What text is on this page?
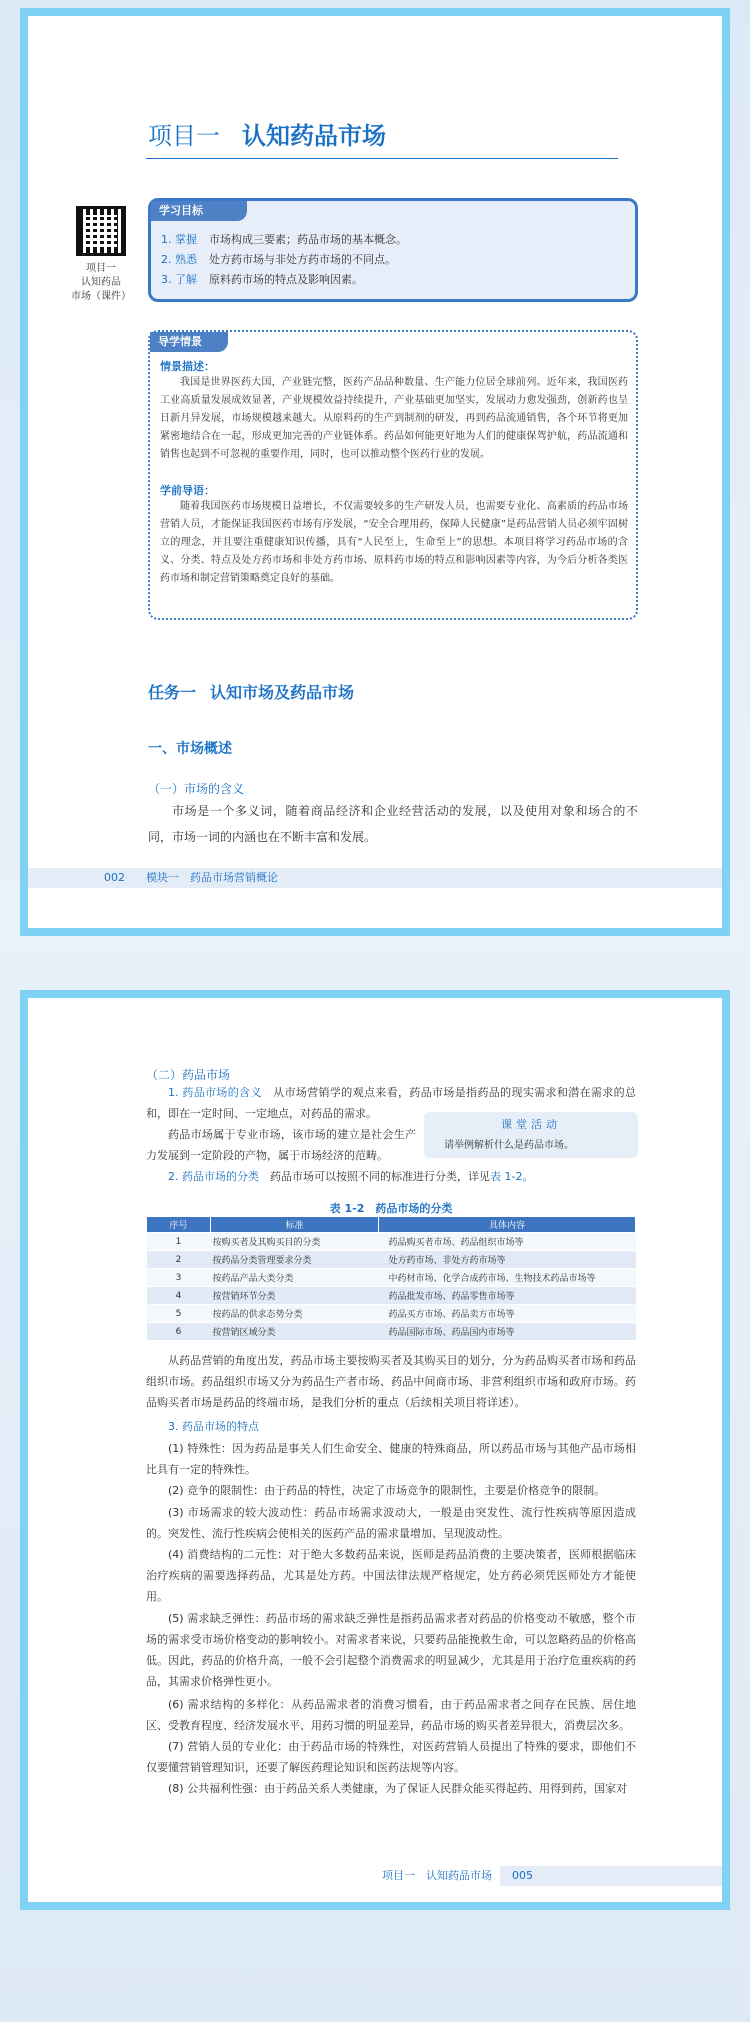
项目一 认知药品市场
项目一
认知药品
市场（课件）
学习目标
1. 掌握 市场构成三要素；药品市场的基本概念。
2. 熟悉 处方药市场与非处方药市场的不同点。
3. 了解 原料药市场的特点及影响因素。
导学情景
情景描述：
我国是世界医药大国，产业链完整，医药产品品种数量、生产能力位居全球前列。近年来，我国医药工业高质量发展成效显著，产业规模效益持续提升，产业基础更加坚实，发展动力愈发强劲，创新药也呈日新月异发展，市场规模越来越大。从原料药的生产到制剂的研发，再到药品流通销售，各个环节将更加紧密地结合在一起，形成更加完善的产业链体系。药品如何能更好地为人们的健康保驾护航，药品流通和销售也起到不可忽视的重要作用，同时，也可以推动整个医药行业的发展。
学前导语：
随着我国医药市场规模日益增长，不仅需要较多的生产研发人员，也需要专业化、高素质的药品市场营销人员，才能保证我国医药市场有序发展，“安全合理用药，保障人民健康”是药品营销人员必须牢固树立的理念，并且要注重健康知识传播，具有“人民至上，生命至上”的思想。本项目将学习药品市场的含义、分类、特点及处方药市场和非处方药市场、原料药市场的特点和影响因素等内容，为今后分析各类医药市场和制定营销策略奠定良好的基础。
任务一 认知市场及药品市场
一、市场概述
（一）市场的含义
市场是一个多义词，随着商品经济和企业经营活动的发展，以及使用对象和场合的不同，市场一词的内涵也在不断丰富和发展。
002 模块一　药品市场营销概论
（二）药品市场
1. 药品市场的含义　 从市场营销学的观点来看，药品市场是指药品的现实需求和潜在需求的总和，即在一定时间、一定地点，对药品的需求。
药品市场属于专业市场，该市场的建立是社会生产力发展到一定阶段的产物，属于市场经济的范畴。
课堂活动
请举例解析什么是药品市场。
2. 药品市场的分类　 药品市场可以按照不同的标准进行分类，详见表 1-2。
表 1-2　药品市场的分类
序号	标准	具体内容
1	按购买者及其购买目的分类	药品购买者市场、药品组织市场等
2	按药品分类管理要求分类	处方药市场、非处方药市场等
3	按药品产品大类分类	中药材市场、化学合成药市场、生物技术药品市场等
4	按营销环节分类	药品批发市场、药品零售市场等
5	按药品的供求态势分类	药品买方市场、药品卖方市场等
6	按营销区域分类	药品国际市场、药品国内市场等
从药品营销的角度出发，药品市场主要按购买者及其购买目的划分，分为药品购买者市场和药品组织市场。药品组织市场又分为药品生产者市场、药品中间商市场、非营利组织市场和政府市场。药品购买者市场是药品的终端市场，是我们分析的重点（后续相关项目将详述）。
3. 药品市场的特点
(1) 特殊性：因为药品是事关人们生命安全、健康的特殊商品，所以药品市场与其他产品市场相比具有一定的特殊性。
(2) 竞争的限制性：由于药品的特性，决定了市场竞争的限制性，主要是价格竞争的限制。
(3) 市场需求的较大波动性：药品市场需求波动大，一般是由突发性、流行性疾病等原因造成的。突发性、流行性疾病会使相关的医药产品的需求量增加、呈现波动性。
(4) 消费结构的二元性：对于绝大多数药品来说，医师是药品消费的主要决策者，医师根据临床治疗疾病的需要选择药品，尤其是处方药。中国法律法规严格规定，处方药必须凭医师处方才能使用。
(5) 需求缺乏弹性：药品市场的需求缺乏弹性是指药品需求者对药品的价格变动不敏感，整个市场的需求受市场价格变动的影响较小。对需求者来说，只要药品能挽救生命，可以忽略药品的价格高低。因此，药品的价格升高，一般不会引起整个消费需求的明显减少，尤其是用于治疗危重疾病的药品，其需求价格弹性更小。
(6) 需求结构的多样化：从药品需求者的消费习惯看，由于药品需求者之间存在民族、居住地区、受教育程度、经济发展水平、用药习惯的明显差异，药品市场的购买者差异很大，消费层次多。
(7) 营销人员的专业化：由于药品市场的特殊性，对医药营销人员提出了特殊的要求，即他们不仅要懂营销管理知识，还要了解医药理论知识和医药法规等内容。
(8) 公共福利性强：由于药品关系人类健康，为了保证人民群众能买得起药、用得到药，国家对
项目一　认知药品市场 005
